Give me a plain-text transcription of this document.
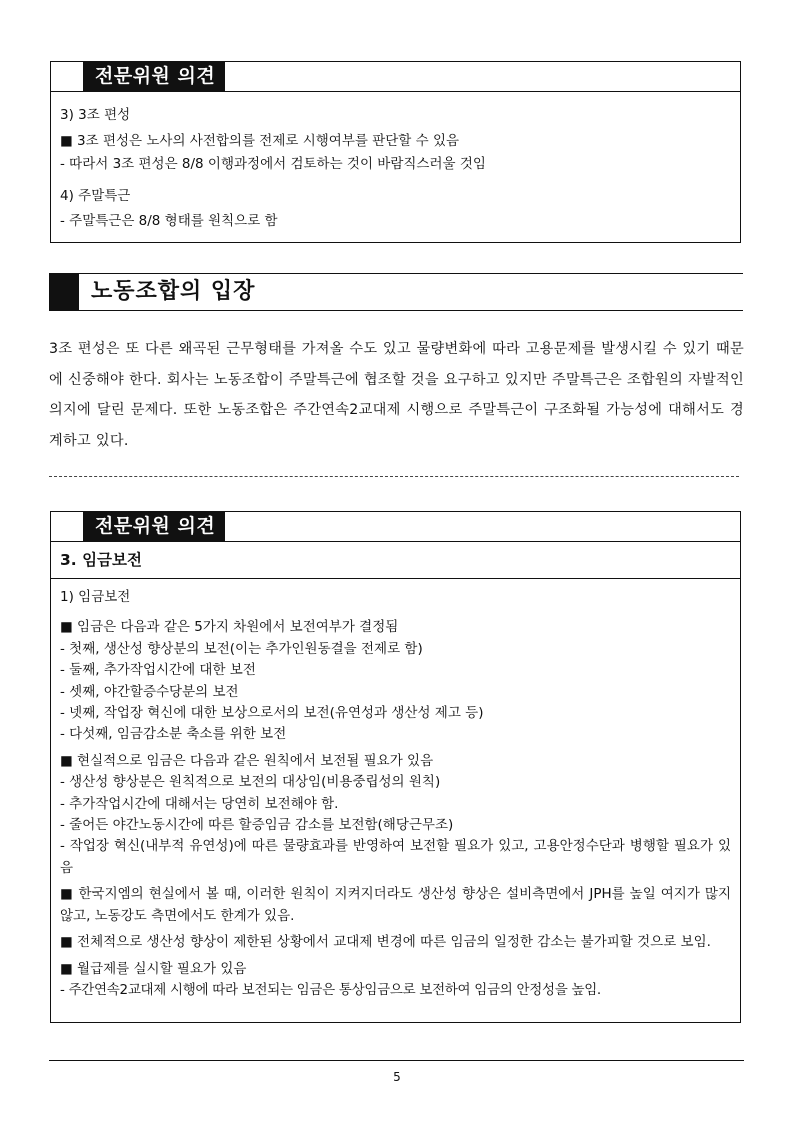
전문위원 의견

3) 3조 편성

■ 3조 편성은 노사의 사전합의를 전제로 시행여부를 판단할 수 있음

- 따라서 3조 편성은 8/8 이행과정에서 검토하는 것이 바람직스러울 것임

4) 주말특근

- 주말특근은 8/8 형태를 원칙으로 함

노동조합의 입장

3조 편성은 또 다른 왜곡된 근무형태를 가져올 수도 있고 물량변화에 따라 고용문제를 발생시킬 수 있기 때문에 신중해야 한다. 회사는 노동조합이 주말특근에 협조할 것을 요구하고 있지만 주말특근은 조합원의 자발적인 의지에 달린 문제다. 또한 노동조합은 주간연속2교대제 시행으로 주말특근이 구조화될 가능성에 대해서도 경계하고 있다.

전문위원 의견
3. 임금보전

1) 임금보전

■ 임금은 다음과 같은 5가지 차원에서 보전여부가 결정됨

- 첫째, 생산성 향상분의 보전(이는 추가인원동결을 전제로 함)

- 둘째, 추가작업시간에 대한 보전

- 셋째, 야간할증수당분의 보전

- 넷째, 작업장 혁신에 대한 보상으로서의 보전(유연성과 생산성 제고 등)

- 다섯째, 임금감소분 축소를 위한 보전

■ 현실적으로 임금은 다음과 같은 원칙에서 보전될 필요가 있음

- 생산성 향상분은 원칙적으로 보전의 대상임(비용중립성의 원칙)

- 추가작업시간에 대해서는 당연히 보전해야 함.

- 줄어든 야간노동시간에 따른 할증임금 감소를 보전함(해당근무조)

- 작업장 혁신(내부적 유연성)에 따른 물량효과를 반영하여 보전할 필요가 있고, 고용안정수단과 병행할 필요가 있음

■ 한국지엠의 현실에서 볼 때, 이러한 원칙이 지켜지더라도 생산성 향상은 설비측면에서 JPH를 높일 여지가 많지 않고, 노동강도 측면에서도 한계가 있음.

■ 전체적으로 생산성 향상이 제한된 상황에서 교대제 변경에 따른 임금의 일정한 감소는 불가피할 것으로 보임.

■ 월급제를 실시할 필요가 있음

- 주간연속2교대제 시행에 따라 보전되는 임금은 통상임금으로 보전하여 임금의 안정성을 높임.

5
